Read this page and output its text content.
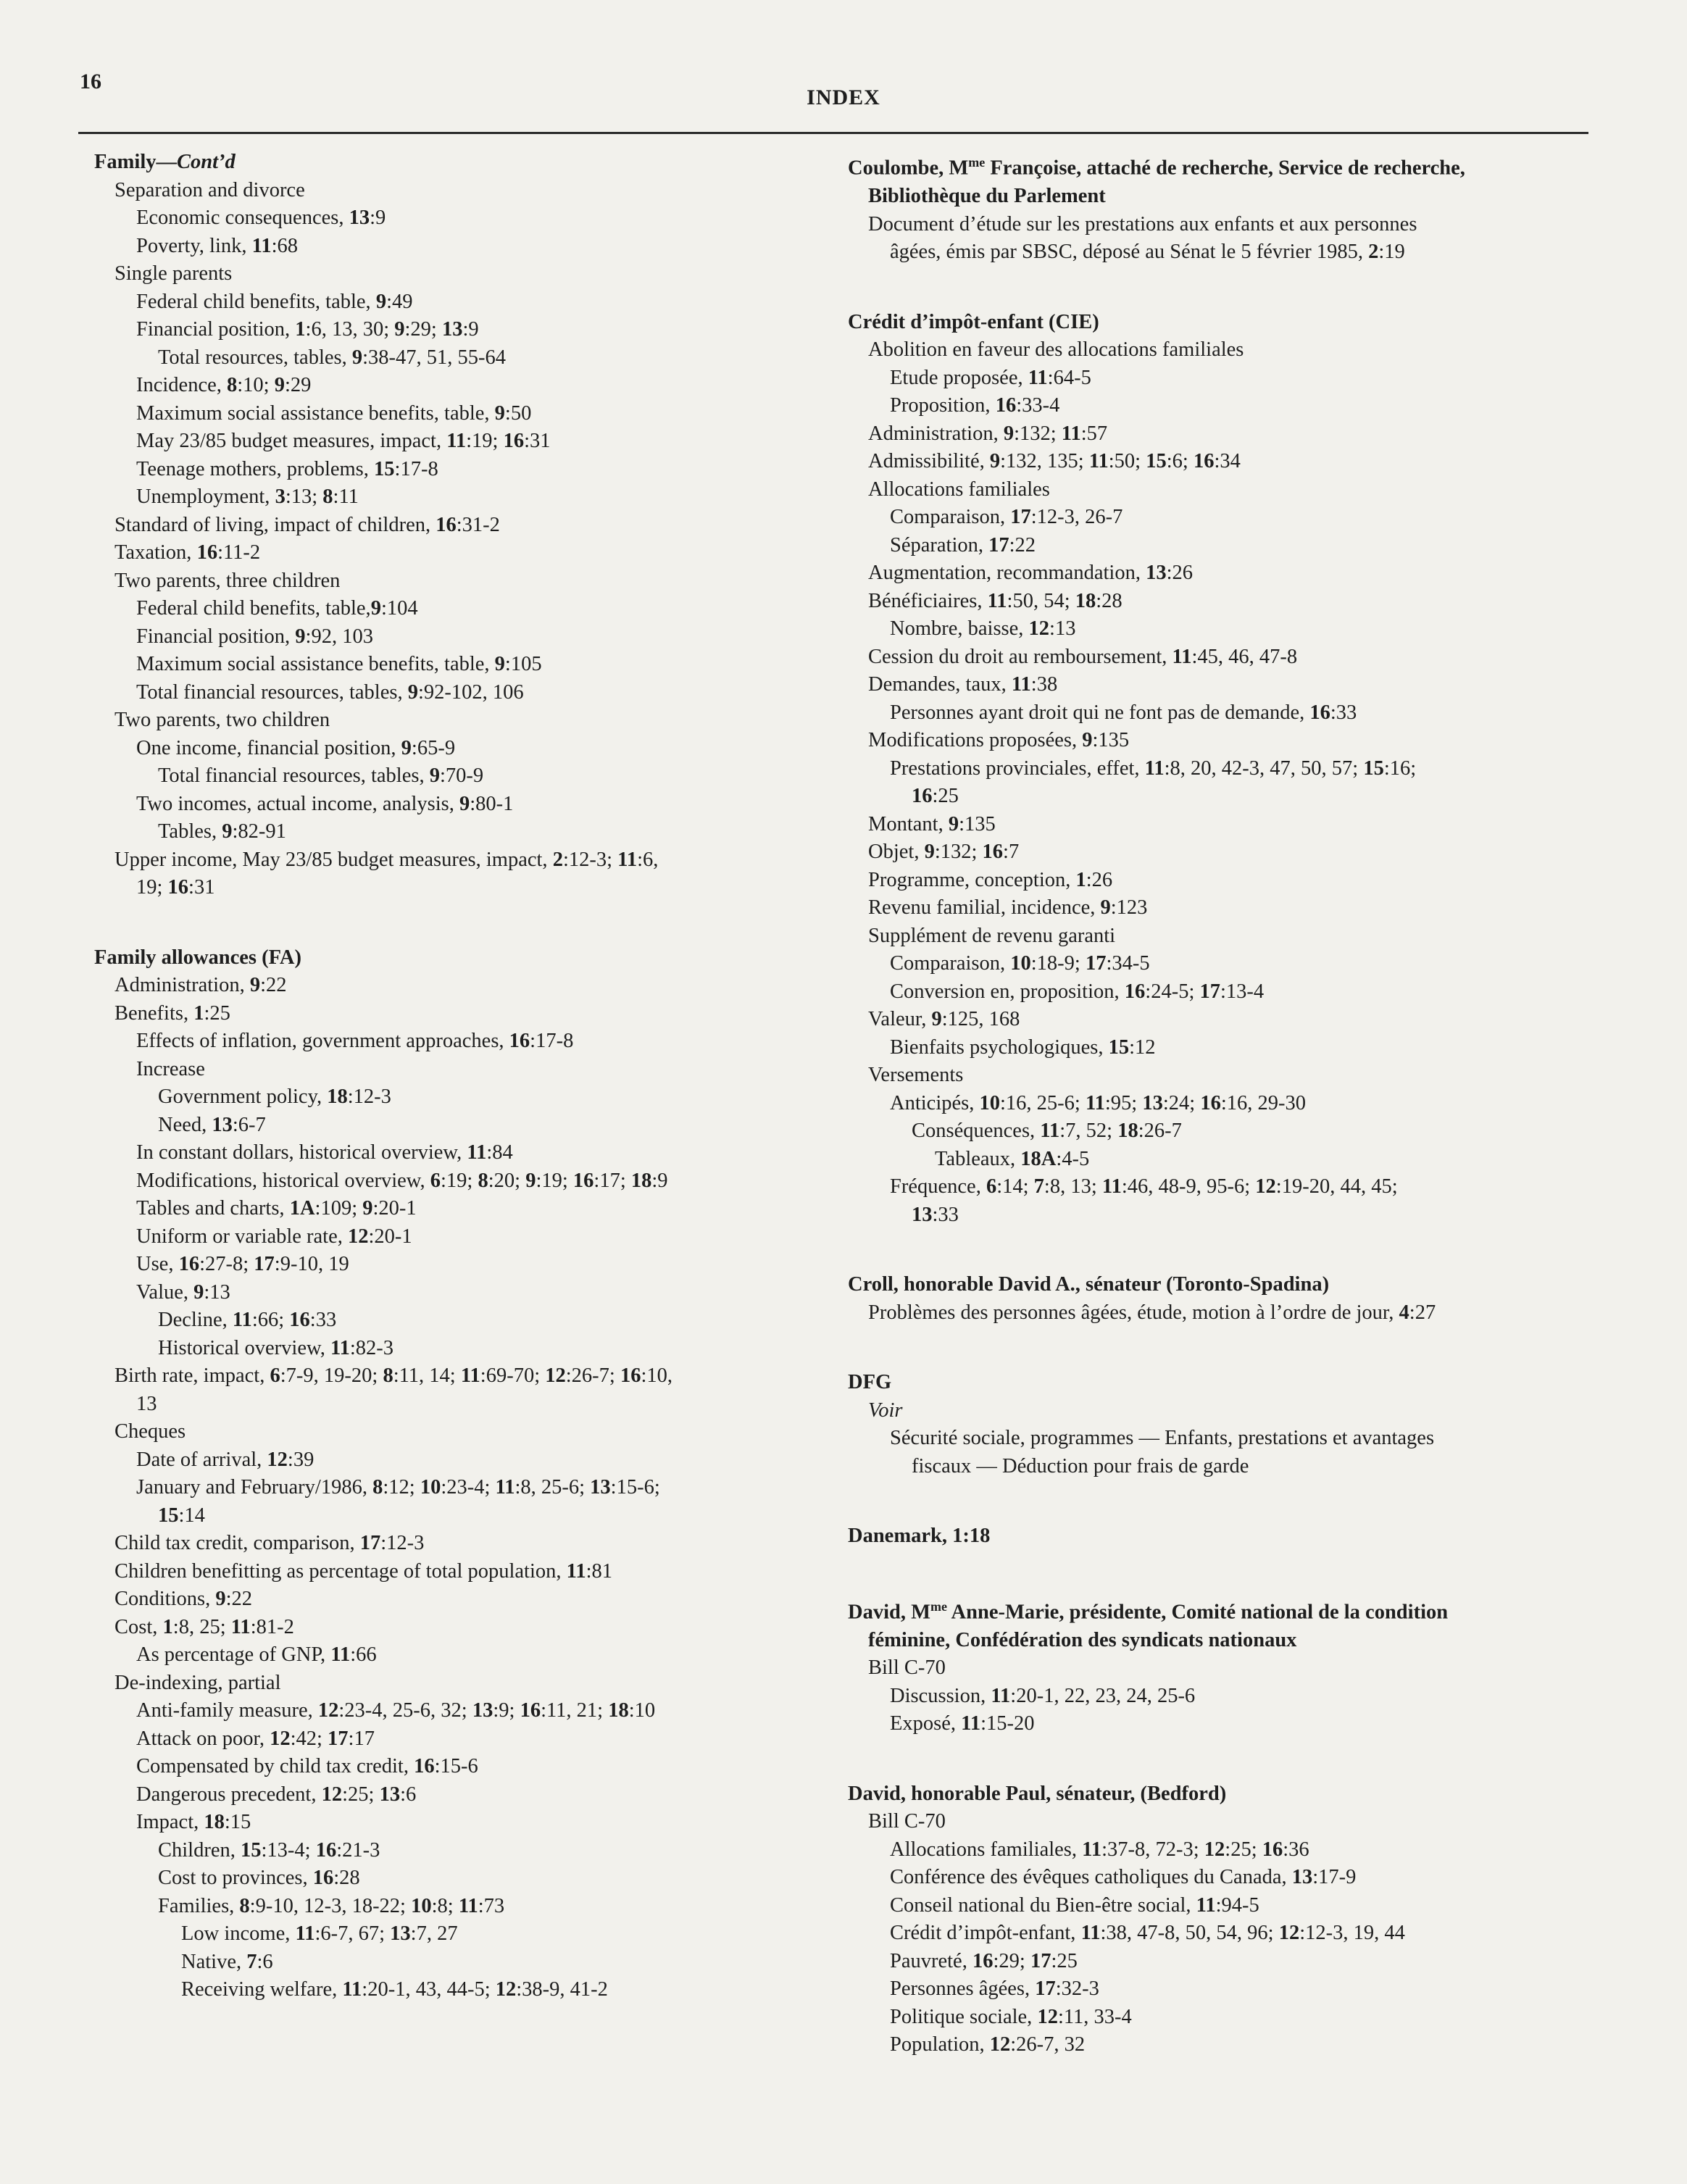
16
INDEX
Family—Cont’d
Separation and divorce
Economic consequences, 13:9
Poverty, link, 11:68
Single parents
Federal child benefits, table, 9:49
Financial position, 1:6, 13, 30; 9:29; 13:9
Total resources, tables, 9:38-47, 51, 55-64
Incidence, 8:10; 9:29
Maximum social assistance benefits, table, 9:50
May 23/85 budget measures, impact, 11:19; 16:31
Teenage mothers, problems, 15:17-8
Unemployment, 3:13; 8:11
Standard of living, impact of children, 16:31-2
Taxation, 16:11-2
Two parents, three children
Federal child benefits, table,9:104
Financial position, 9:92, 103
Maximum social assistance benefits, table, 9:105
Total financial resources, tables, 9:92-102, 106
Two parents, two children
One income, financial position, 9:65-9
Total financial resources, tables, 9:70-9
Two incomes, actual income, analysis, 9:80-1
Tables, 9:82-91
Upper income, May 23/85 budget measures, impact, 2:12-3; 11:6,
19; 16:31
Family allowances (FA)
Administration, 9:22
Benefits, 1:25
Effects of inflation, government approaches, 16:17-8
Increase
Government policy, 18:12-3
Need, 13:6-7
In constant dollars, historical overview, 11:84
Modifications, historical overview, 6:19; 8:20; 9:19; 16:17; 18:9
Tables and charts, 1A:109; 9:20-1
Uniform or variable rate, 12:20-1
Use, 16:27-8; 17:9-10, 19
Value, 9:13
Decline, 11:66; 16:33
Historical overview, 11:82-3
Birth rate, impact, 6:7-9, 19-20; 8:11, 14; 11:69-70; 12:26-7; 16:10,
13
Cheques
Date of arrival, 12:39
January and February/1986, 8:12; 10:23-4; 11:8, 25-6; 13:15-6;
15:14
Child tax credit, comparison, 17:12-3
Children benefitting as percentage of total population, 11:81
Conditions, 9:22
Cost, 1:8, 25; 11:81-2
As percentage of GNP, 11:66
De-indexing, partial
Anti-family measure, 12:23-4, 25-6, 32; 13:9; 16:11, 21; 18:10
Attack on poor, 12:42; 17:17
Compensated by child tax credit, 16:15-6
Dangerous precedent, 12:25; 13:6
Impact, 18:15
Children, 15:13-4; 16:21-3
Cost to provinces, 16:28
Families, 8:9-10, 12-3, 18-22; 10:8; 11:73
Low income, 11:6-7, 67; 13:7, 27
Native, 7:6
Receiving welfare, 11:20-1, 43, 44-5; 12:38-9, 41-2
Coulombe, $M^{me}$ Françoise, attaché de recherche, Service de recherche,
Bibliothèque du Parlement
Document d’étude sur les prestations aux enfants et aux personnes
âgées, émis par SBSC, déposé au Sénat le 5 février 1985, 2:19
Crédit d’impôt-enfant (CIE)
Abolition en faveur des allocations familiales
Etude proposée, 11:64-5
Proposition, 16:33-4
Administration, 9:132; 11:57
Admissibilité, 9:132, 135; 11:50; 15:6; 16:34
Allocations familiales
Comparaison, 17:12-3, 26-7
Séparation, 17:22
Augmentation, recommandation, 13:26
Bénéficiaires, 11:50, 54; 18:28
Nombre, baisse, 12:13
Cession du droit au remboursement, 11:45, 46, 47-8
Demandes, taux, 11:38
Personnes ayant droit qui ne font pas de demande, 16:33
Modifications proposées, 9:135
Prestations provinciales, effet, 11:8, 20, 42-3, 47, 50, 57; 15:16;
16:25
Montant, 9:135
Objet, 9:132; 16:7
Programme, conception, 1:26
Revenu familial, incidence, 9:123
Supplément de revenu garanti
Comparaison, 10:18-9; 17:34-5
Conversion en, proposition, 16:24-5; 17:13-4
Valeur, 9:125, 168
Bienfaits psychologiques, 15:12
Versements
Anticipés, 10:16, 25-6; 11:95; 13:24; 16:16, 29-30
Conséquences, 11:7, 52; 18:26-7
Tableaux, 18A:4-5
Fréquence, 6:14; 7:8, 13; 11:46, 48-9, 95-6; 12:19-20, 44, 45;
13:33
Croll, honorable David A., sénateur (Toronto-Spadina)
Problèmes des personnes âgées, étude, motion à l’ordre de jour, 4:27
DFG
Voir
Sécurité sociale, programmes — Enfants, prestations et avantages
fiscaux — Déduction pour frais de garde
Danemark, 1:18
David, $M^{me}$ Anne-Marie, présidente, Comité national de la condition
féminine, Confédération des syndicats nationaux
Bill C-70
Discussion, 11:20-1, 22, 23, 24, 25-6
Exposé, 11:15-20
David, honorable Paul, sénateur, (Bedford)
Bill C-70
Allocations familiales, 11:37-8, 72-3; 12:25; 16:36
Conférence des évêques catholiques du Canada, 13:17-9
Conseil national du Bien-être social, 11:94-5
Crédit d’impôt-enfant, 11:38, 47-8, 50, 54, 96; 12:12-3, 19, 44
Pauvreté, 16:29; 17:25
Personnes âgées, 17:32-3
Politique sociale, 12:11, 33-4
Population, 12:26-7, 32
